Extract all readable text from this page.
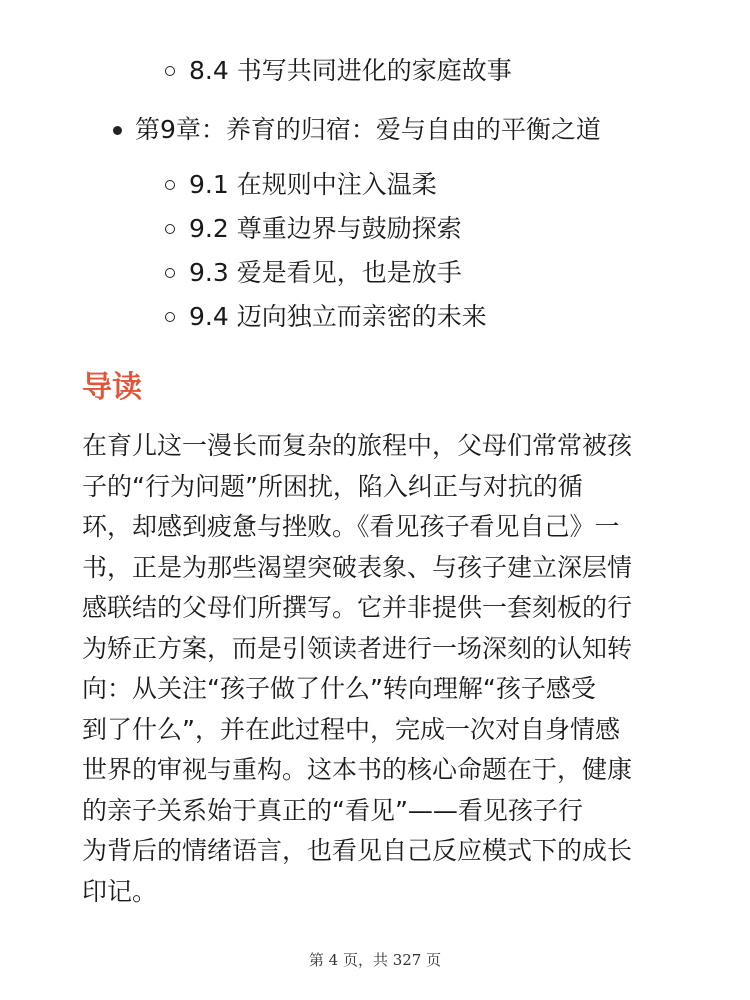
8.4 书写共同进化的家庭故事
第9章：养育的归宿：爱与自由的平衡之道
9.1 在规则中注入温柔
9.2 尊重边界与鼓励探索
9.3 爱是看见，也是放手
9.4 迈向独立而亲密的未来
导读
在育儿这一漫长而复杂的旅程中，父母们常常被孩
子的“行为问题”所困扰，陷入纠正与对抗的循
环，却感到疲惫与挫败。《看见孩子看见自己》一
书，正是为那些渴望突破表象、与孩子建立深层情
感联结的父母们所撰写。它并非提供一套刻板的行
为矫正方案，而是引领读者进行一场深刻的认知转
向：从关注“孩子做了什么”转向理解“孩子感受
到了什么”，并在此过程中，完成一次对自身情感
世界的审视与重构。这本书的核心命题在于，健康
的亲子关系始于真正的“看见”——看见孩子行
为背后的情绪语言，也看见自己反应模式下的成长
印记。
第 4 页，共 327 页
